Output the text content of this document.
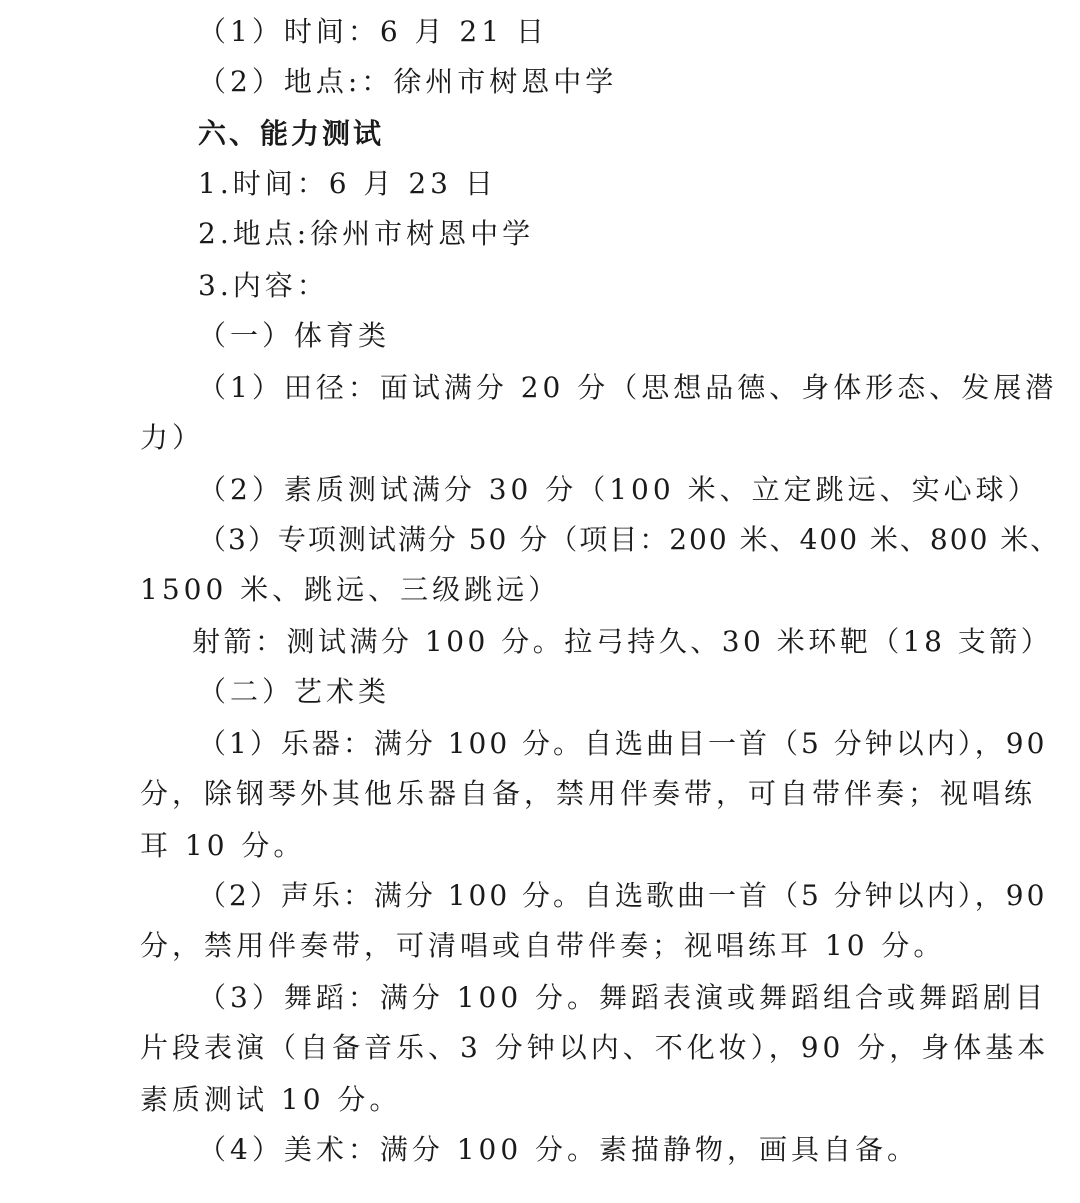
（1）时间：6 月 21 日
（2）地点:：徐州市树恩中学
六、能力测试
1.时间：6 月 23 日
2.地点:徐州市树恩中学
3.内容：
（一）体育类
（1）田径：面试满分 20 分（思想品德、身体形态、发展潜
力）
（2）素质测试满分 30 分（100 米、立定跳远、实心球）
（3）专项测试满分 50 分（项目：200 米、400 米、800 米、
1500 米、跳远、三级跳远）
射箭：测试满分 100 分。拉弓持久、30 米环靶（18 支箭）
（二）艺术类
（1）乐器：满分 100 分。自选曲目一首（5 分钟以内），90
分，除钢琴外其他乐器自备，禁用伴奏带，可自带伴奏；视唱练
耳 10 分。
（2）声乐：满分 100 分。自选歌曲一首（5 分钟以内），90
分，禁用伴奏带，可清唱或自带伴奏；视唱练耳 10 分。
（3）舞蹈：满分 100 分。舞蹈表演或舞蹈组合或舞蹈剧目
片段表演（自备音乐、3 分钟以内、不化妆），90 分，身体基本
素质测试 10 分。
（4）美术：满分 100 分。素描静物，画具自备。
